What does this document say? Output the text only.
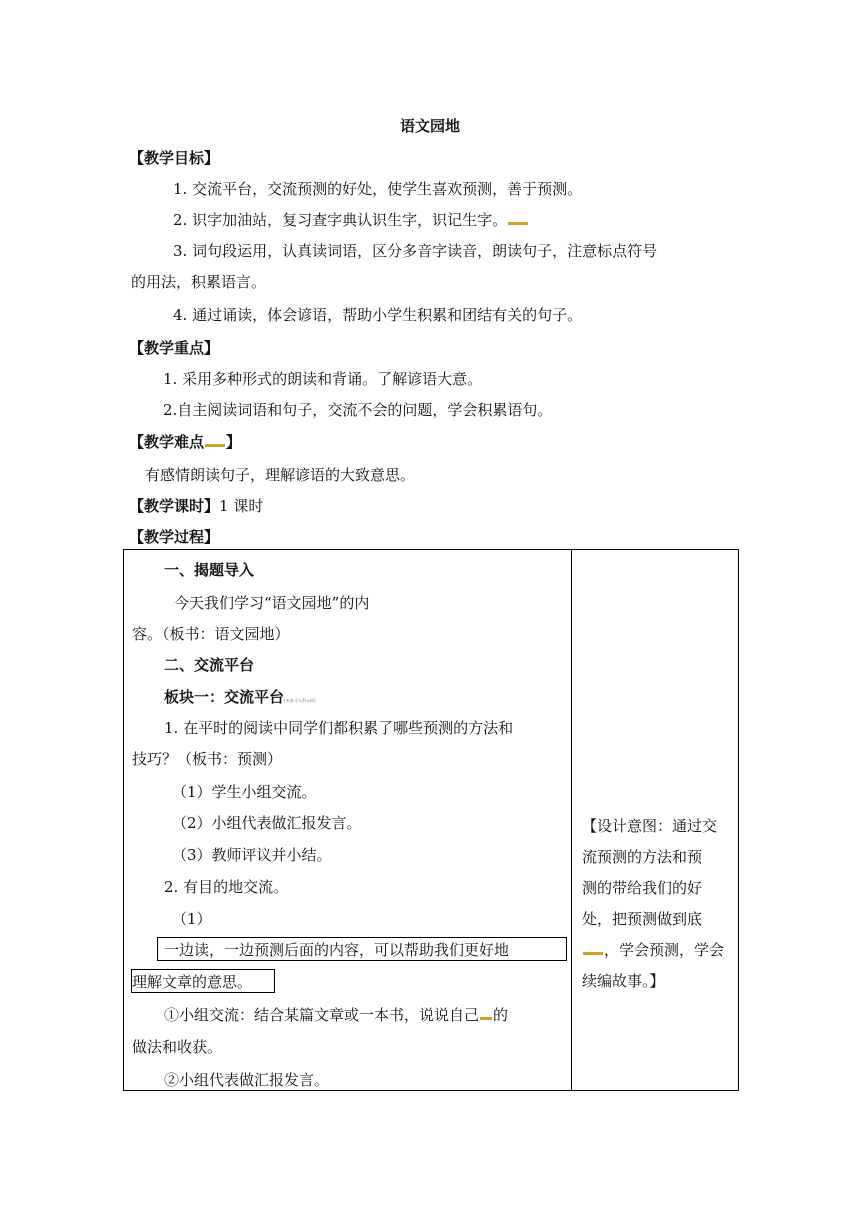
语文园地
【教学目标】
1. 交流平台，交流预测的好处，使学生喜欢预测，善于预测。
2. 识字加油站，复习查字典认识生字，识记生字。
3. 词句段运用，认真读词语，区分多音字读音，朗读句子，注意标点符号
的用法，积累语言。
4. 通过诵读，体会谚语，帮助小学生积累和团结有关的句子。
【教学重点】
1. 采用多种形式的朗读和背诵。了解谚语大意。
2.自主阅读词语和句子，交流不会的问题，学会积累语句。
【教学难点 】
有感情朗读句子，理解谚语的大致意思。
【教学课时】1 课时
【教学过程】
一、揭题导入
今天我们学习“语文园地”的内
容。（板书：语文园地）
二、交流平台
板块一：交流平台[来源:学&科&网]
1. 在平时的阅读中同学们都积累了哪些预测的方法和
技巧？（板书：预测）
（1）学生小组交流。
（2）小组代表做汇报发言。
（3）教师评议并小结。
2. 有目的地交流。
（1）
一边读，一边预测后面的内容，可以帮助我们更好地
理解文章的意思。
①小组交流：结合某篇文章或一本书，说说自己 的
做法和收获。
②小组代表做汇报发言。

【设计意图：通过交
流预测的方法和预
测的带给我们的好
处，把预测做到底
，学会预测，学会
续编故事。】
